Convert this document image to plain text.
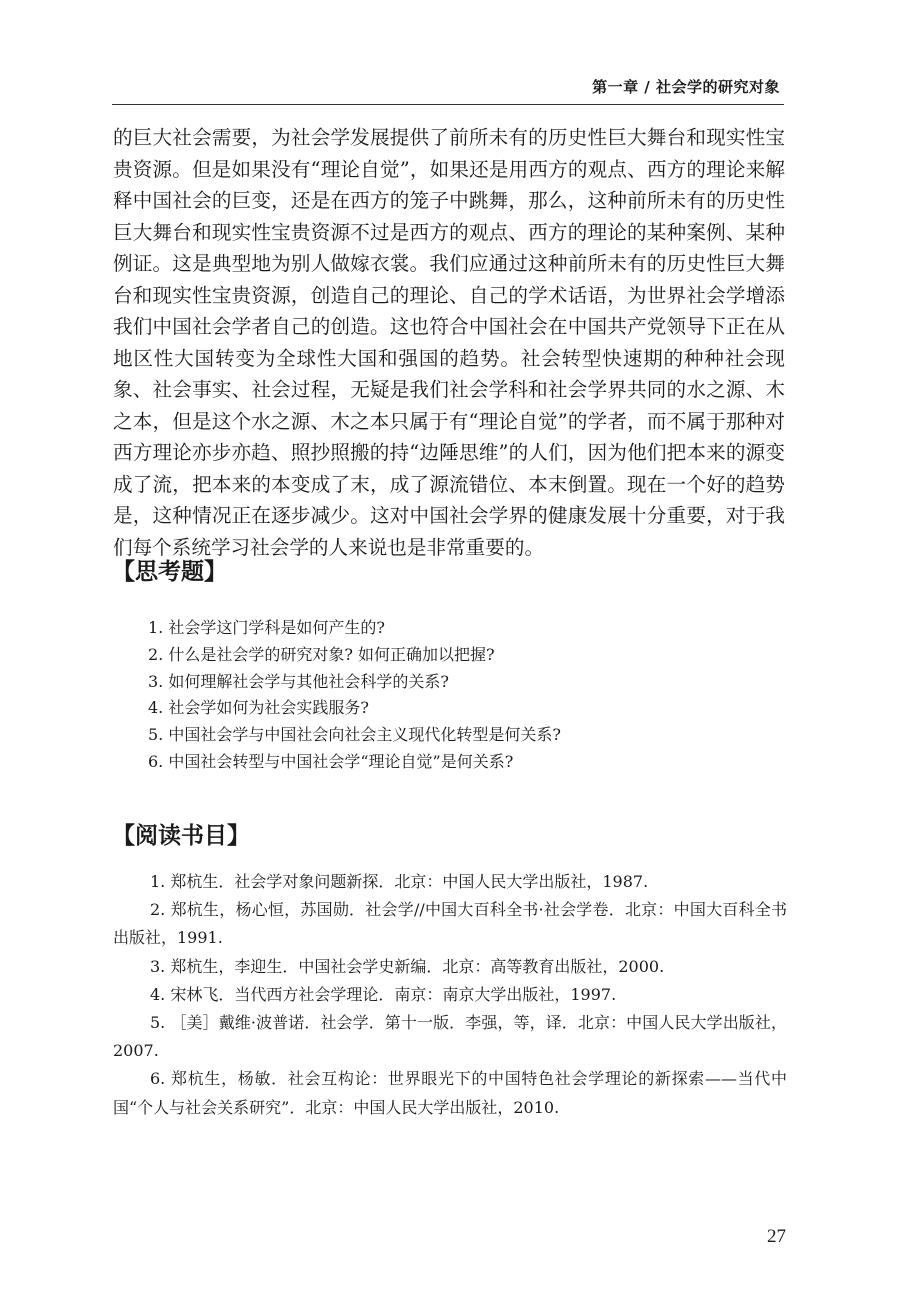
第一章 / 社会学的研究对象

的巨大社会需要，为社会学发展提供了前所未有的历史性巨大舞台和现实性宝贵资源。但是如果没有“理论自觉”，如果还是用西方的观点、西方的理论来解释中国社会的巨变，还是在西方的笼子中跳舞，那么，这种前所未有的历史性巨大舞台和现实性宝贵资源不过是西方的观点、西方的理论的某种案例、某种例证。这是典型地为别人做嫁衣裳。我们应通过这种前所未有的历史性巨大舞台和现实性宝贵资源，创造自己的理论、自己的学术话语，为世界社会学增添我们中国社会学者自己的创造。这也符合中国社会在中国共产党领导下正在从地区性大国转变为全球性大国和强国的趋势。社会转型快速期的种种社会现象、社会事实、社会过程，无疑是我们社会学科和社会学界共同的水之源、木之本，但是这个水之源、木之本只属于有“理论自觉”的学者，而不属于那种对西方理论亦步亦趋、照抄照搬的持“边陲思维”的人们，因为他们把本来的源变成了流，把本来的本变成了末，成了源流错位、本末倒置。现在一个好的趋势是，这种情况正在逐步减少。这对中国社会学界的健康发展十分重要，对于我们每个系统学习社会学的人来说也是非常重要的。

【思考题】
1. 社会学这门学科是如何产生的?
2. 什么是社会学的研究对象? 如何正确加以把握?
3. 如何理解社会学与其他社会科学的关系?
4. 社会学如何为社会实践服务?
5. 中国社会学与中国社会向社会主义现代化转型是何关系?
6. 中国社会转型与中国社会学“理论自觉”是何关系?
【阅读书目】
1. 郑杭生．社会学对象问题新探．北京：中国人民大学出版社，1987.
2. 郑杭生，杨心恒，苏国勋．社会学//中国大百科全书·社会学卷．北京：中国大百科全书出版社，1991.
3. 郑杭生，李迎生．中国社会学史新编．北京：高等教育出版社，2000.
4. 宋林飞．当代西方社会学理论．南京：南京大学出版社，1997.
5. ［美］戴维·波普诺．社会学．第十一版．李强，等，译．北京：中国人民大学出版社，2007.
6. 郑杭生，杨敏．社会互构论：世界眼光下的中国特色社会学理论的新探索——当代中国“个人与社会关系研究”．北京：中国人民大学出版社，2010.

27
